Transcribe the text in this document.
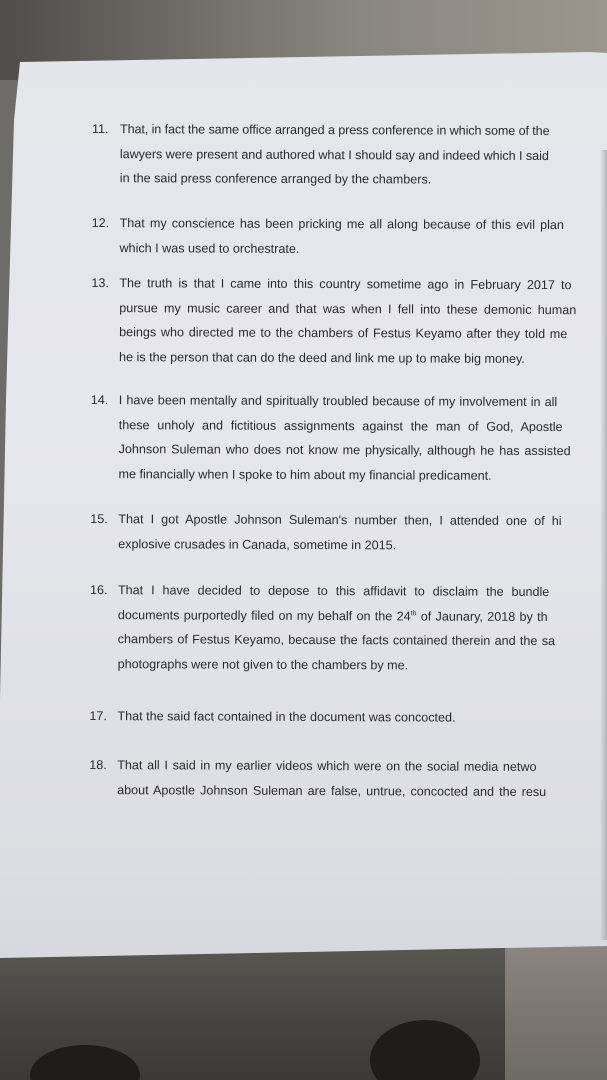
11. That, in fact the same office arranged a press conference in which some of the
lawyers were present and authored what I should say and indeed which I said
in the said press conference arranged by the chambers.
12. That my conscience has been pricking me all along because of this evil plan
which I was used to orchestrate.
13. The truth is that I came into this country sometime ago in February 2017 to
pursue my music career and that was when I fell into these demonic human
beings who directed me to the chambers of Festus Keyamo after they told me
he is the person that can do the deed and link me up to make big money.
14. I have been mentally and spiritually troubled because of my involvement in all
these unholy and fictitious assignments against the man of God, Apostle
Johnson Suleman who does not know me physically, although he has assisted
me financially when I spoke to him about my financial predicament.
15. That I got Apostle Johnson Suleman's number then, I attended one of hi
explosive crusades in Canada, sometime in 2015.
16. That I have decided to depose to this affidavit to disclaim the bundle
documents purportedly filed on my behalf on the 24th of Jaunary, 2018 by th
chambers of Festus Keyamo, because the facts contained therein and the sa
photographs were not given to the chambers by me.
17. That the said fact contained in the document was concocted.
18. That all I said in my earlier videos which were on the social media netwo
about Apostle Johnson Suleman are false, untrue, concocted and the resu
